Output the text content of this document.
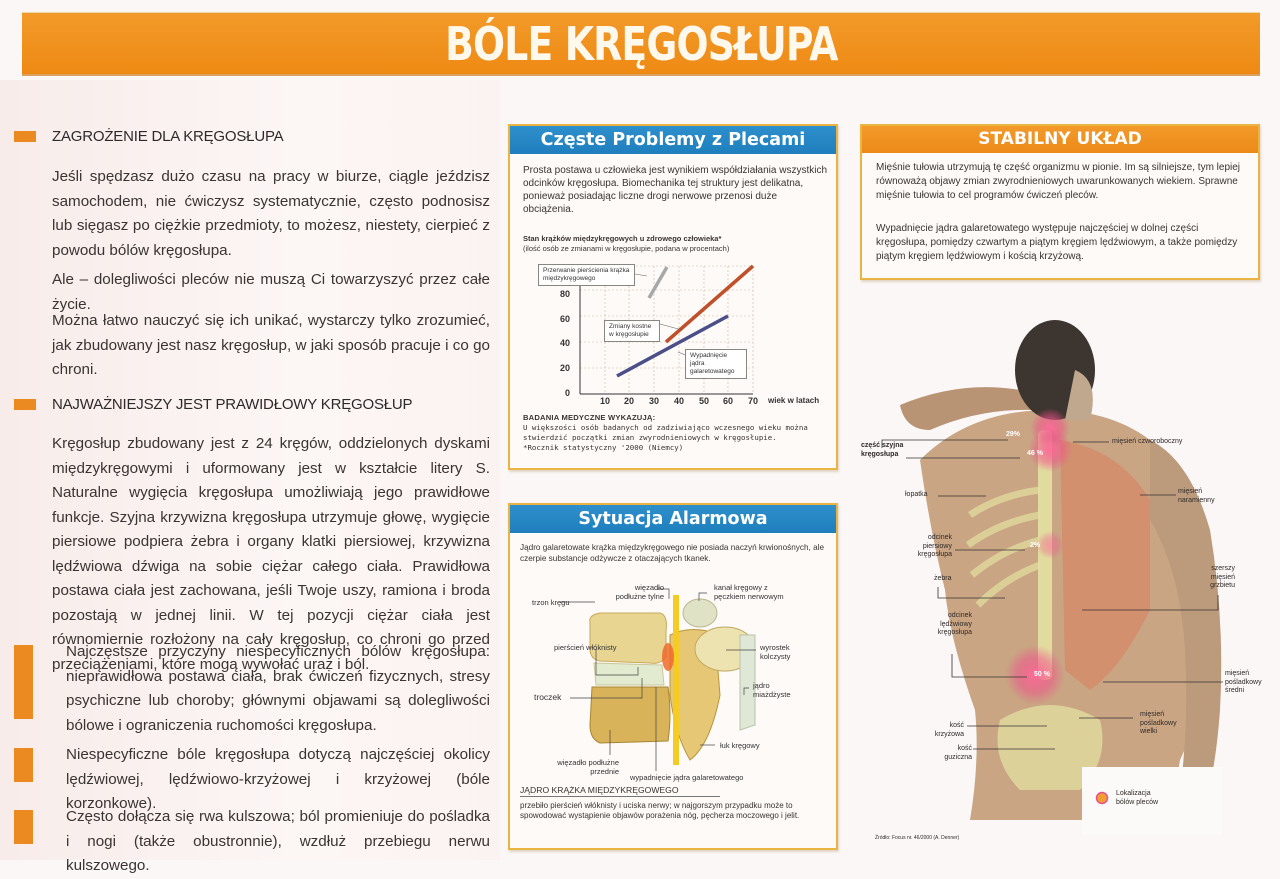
BÓLE KRĘGOSŁUPA
ZAGROŻENIE DLA KRĘGOSŁUPA

Jeśli spędzasz dużo czasu na pracy w biurze, ciągle jeździsz samochodem, nie ćwiczysz systematycznie, często podnosisz lub sięgasz po ciężkie przedmioty, to możesz, niestety, cierpieć z powodu bólów kręgosłupa.

Ale – dolegliwości pleców nie muszą Ci towarzyszyć przez całe życie.

Można łatwo nauczyć się ich unikać, wystarczy tylko zrozumieć, jak zbudowany jest nasz kręgosłup, w jaki sposób pracuje i co go chroni.

NAJWAŻNIEJSZY JEST PRAWIDŁOWY KRĘGOSŁUP

Kręgosłup zbudowany jest z 24 kręgów, oddzielonych dyskami międzykręgowymi i uformowany jest w kształcie litery S. Naturalne wygięcia kręgosłupa umożliwiają jego prawidłowe funkcje. Szyjna krzywizna kręgosłupa utrzymuje głowę, wygięcie piersiowe podpiera żebra i organy klatki piersiowej, krzywizna lędźwiowa dźwiga na sobie ciężar całego ciała. Prawidłowa postawa ciała jest zachowana, jeśli Twoje uszy, ramiona i broda pozostają w jednej linii. W tej pozycji ciężar ciała jest równomiernie rozłożony na cały kręgosłup, co chroni go przed przeciążeniami, które mogą wywołać uraz i ból.

Najczęstsze przyczyny niespecyficznych bólów kręgosłupa: nieprawidłowa postawa ciała, brak ćwiczeń fizycznych, stresy psychiczne lub choroby; głównymi objawami są dolegliwości bólowe i ograniczenia ruchomości kręgosłupa.

Niespecyficzne bóle kręgosłupa dotyczą najczęściej okolicy lędźwiowej, lędźwiowo-krzyżowej i krzyżowej (bóle korzonkowe).

Często dołącza się rwa kulszowa; ból promieniuje do pośladka i nogi (także obustronnie), wzdłuż przebiegu nerwu kulszowego.

Częste Problemy z Plecami

Prosta postawa u człowieka jest wynikiem współdziałania wszystkich odcinków kręgosłupa. Biomechanika tej struktury jest delikatna, ponieważ posiadając liczne drogi nerwowe przenosi duże obciążenia.

Stan krążków międzykręgowych u zdrowego człowieka*

(ilość osób ze zmianami w kręgosłupie, podana w procentach)

80
60
40
20
0
10 20 30 40 50 60 70 wiek w latach
Przerwanie pierścienia krążka międzykręgowego
Zmiany kostne w kręgosłupie
Wypadnięcie jądra galaretowatego

BADANIA MEDYCZNE WYKAZUJĄ:

U większości osób badanych od zadziwiająco wczesnego wieku można stwierdzić początki zmian zwyrodnieniowych w kręgosłupie.

*Rocznik statystyczny '2000 (Niemcy)

Sytuacja Alarmowa

Jądro galaretowate krążka międzykręgowego nie posiada naczyń krwionośnych, ale czerpie substancje odżywcze z otaczających tkanek.

więzadło podłużne tylne
kanał kręgowy z pęczkiem nerwowym
trzon kręgu
pierścień włóknisty	wyrostek kolczysty
jądro miażdżyste
troczek
łuk kręgowy
więzadło podłużne przednie
wypadnięcie jądra galaretowatego

JĄDRO KRĄŻKA MIĘDZYKRĘGOWEGO

przebiło pierścień włóknisty i uciska nerwy; w najgorszym przypadku może to spowodować wystąpienie objawów porażenia nóg, pęcherza moczowego i jelit.

STABILNY UKŁAD

Mięśnie tułowia utrzymują tę część organizmu w pionie. Im są silniejsze, tym lepiej równoważą objawy zmian zwyrodnieniowych uwarunkowanych wiekiem. Sprawne mięśnie tułowia to cel programów ćwiczeń pleców.

Wypadnięcie jądra galaretowatego występuje najczęściej w dolnej części kręgosłupa, pomiędzy czwartym a piątym kręgiem lędźwiowym, a także pomiędzy piątym kręgiem lędźwiowym i kością krzyżową.

29%
46 %
2%
50 %
część szyjna kręgosłupa
mięsień czworoboczny
łopatka	mięsień naramienny
odcinek piersiowy kręgosłupa
żebra
szerszy mięsień grzbietu
odcinek lędźwiowy kręgosłupa
mięsień pośladkowy średni
mięsień pośladkowy wielki
kość krzyżowa
kość guziczna
Lokalizacja bólów pleców
Źródło: Focus nr. 46/2000 (A. Denner)
